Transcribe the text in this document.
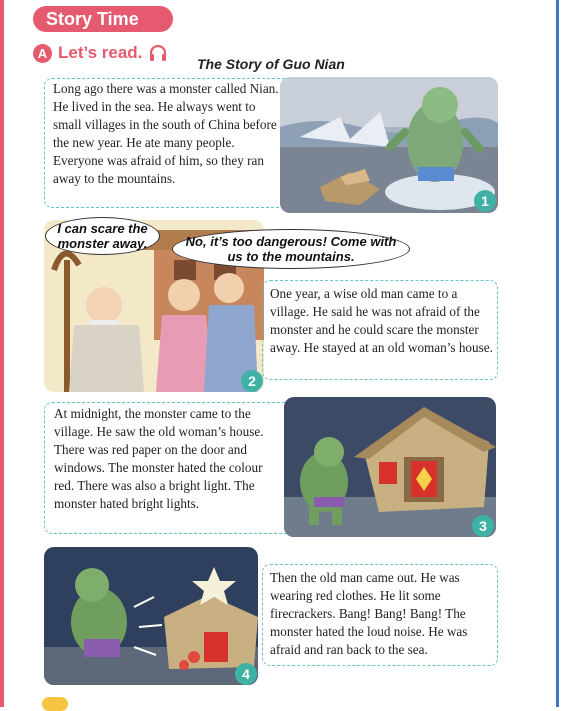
Story Time
A Let’s read.
The Story of Guo Nian
Long ago there was a monster called Nian. He lived in the sea. He always went to small villages in the south of China before the new year. He ate many people. Everyone was afraid of him, so they ran away to the mountains.
1
2
I can scare the monster away.	No, it’s too dangerous! Come with us to the mountains.
One year, a wise old man came to a village. He said he was not afraid of the monster and he could scare the monster away. He stayed at an old woman’s house.
At midnight, the monster came to the village. He saw the old woman’s house. There was red paper on the door and windows. The monster hated the colour red. There was also a bright light. The monster hated bright lights.
3
4
Then the old man came out. He was wearing red clothes. He lit some firecrackers. Bang! Bang! Bang! The monster hated the loud noise. He was afraid and ran back to the sea.
